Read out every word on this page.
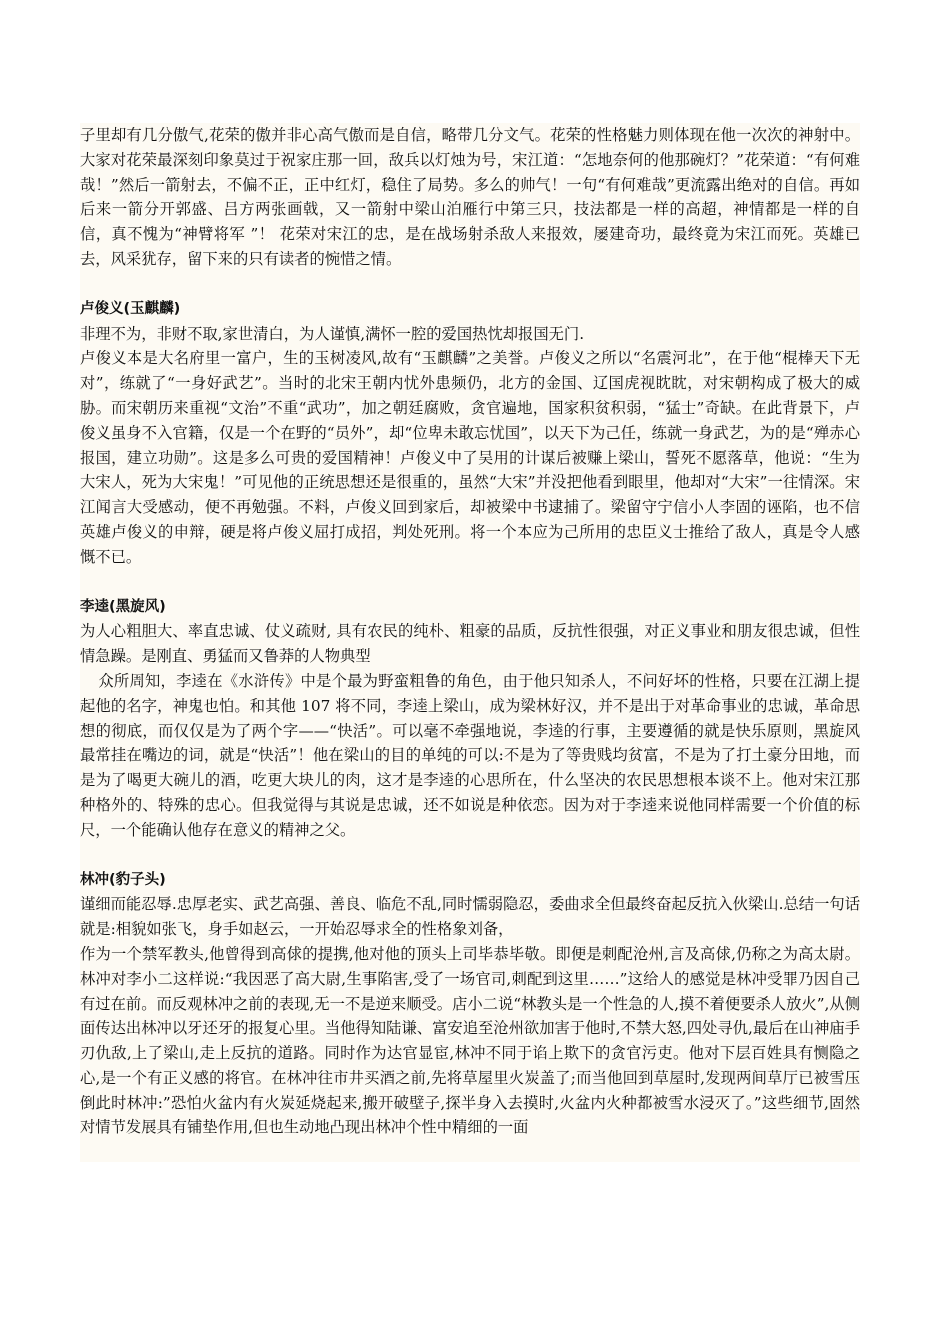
子里却有几分傲气,花荣的傲并非心高气傲而是自信，略带几分文气。花荣的性格魅力则体现在他一次次的神射中。大家对花荣最深刻印象莫过于祝家庄那一回，敌兵以灯烛为号，宋江道：“怎地奈何的他那碗灯？”花荣道：“有何难哉！”然后一箭射去，不偏不正，正中红灯，稳住了局势。多么的帅气！一句“有何难哉”更流露出绝对的自信。再如后来一箭分开郭盛、吕方两张画戟，又一箭射中梁山泊雁行中第三只，技法都是一样的高超，神情都是一样的自信，真不愧为“神臂将军 ”！ 花荣对宋江的忠，是在战场射杀敌人来报效，屡建奇功，最终竟为宋江而死。英雄已去，风采犹存，留下来的只有读者的惋惜之情。

卢俊义(玉麒麟)

非理不为，非财不取,家世清白，为人谨慎,满怀一腔的爱国热忱却报国无门.

卢俊义本是大名府里一富户，生的玉树凌风,故有“玉麒麟”之美誉。卢俊义之所以“名震河北”，在于他“棍棒天下无对”，练就了“一身好武艺”。当时的北宋王朝内忧外患频仍，北方的金国、辽国虎视眈眈，对宋朝构成了极大的威胁。而宋朝历来重视“文治”不重“武功”，加之朝廷腐败，贪官遍地，国家积贫积弱，“猛士”奇缺。在此背景下，卢俊义虽身不入官籍，仅是一个在野的“员外”，却“位卑未敢忘忧国”，以天下为己任，练就一身武艺，为的是“殚赤心报国，建立功勋”。这是多么可贵的爱国精神！卢俊义中了吴用的计谋后被赚上梁山，誓死不愿落草，他说：“生为大宋人，死为大宋鬼！”可见他的正统思想还是很重的，虽然“大宋”并没把他看到眼里，他却对“大宋”一往情深。宋江闻言大受感动，便不再勉强。不料，卢俊义回到家后，却被梁中书逮捕了。梁留守宁信小人李固的诬陷，也不信英雄卢俊义的申辩，硬是将卢俊义屈打成招，判处死刑。将一个本应为己所用的忠臣义士推给了敌人，真是令人感慨不已。

李逵(黑旋风)

为人心粗胆大、率直忠诚、仗义疏财, 具有农民的纯朴、粗豪的品质，反抗性很强，对正义事业和朋友很忠诚，但性情急躁。是刚直、勇猛而又鲁莽的人物典型

众所周知，李逵在《水浒传》中是个最为野蛮粗鲁的角色，由于他只知杀人，不问好坏的性格，只要在江湖上提起他的名字，神鬼也怕。和其他 107 将不同，李逵上梁山，成为梁林好汉，并不是出于对革命事业的忠诚，革命思想的彻底，而仅仅是为了两个字——“快活”。可以毫不牵强地说，李逵的行事，主要遵循的就是快乐原则，黑旋风最常挂在嘴边的词，就是“快活”！他在梁山的目的单纯的可以:不是为了等贵贱均贫富，不是为了打土豪分田地，而是为了喝更大碗儿的酒，吃更大块儿的肉，这才是李逵的心思所在，什么坚决的农民思想根本谈不上。他对宋江那种格外的、特殊的忠心。但我觉得与其说是忠诚，还不如说是种依恋。因为对于李逵来说他同样需要一个价值的标尺，一个能确认他存在意义的精神之父。

林冲(豹子头)

谨细而能忍辱.忠厚老实、武艺高强、善良、临危不乱,同时懦弱隐忍，委曲求全但最终奋起反抗入伙梁山.总结一句话就是:相貌如张飞，身手如赵云，一开始忍辱求全的性格象刘备，

作为一个禁军教头,他曾得到高俅的提携,他对他的顶头上司毕恭毕敬。即便是刺配沧州,言及高俅,仍称之为高太尉。林冲对李小二这样说:“我因恶了高大尉,生事陷害,受了一场官司,刺配到这里……”这给人的感觉是林冲受罪乃因自己有过在前。而反观林冲之前的表现,无一不是逆来顺受。店小二说“林教头是一个性急的人,摸不着便要杀人放火”,从侧面传达出林冲以牙还牙的报复心里。当他得知陆谦、富安追至沧州欲加害于他时,不禁大怒,四处寻仇,最后在山神庙手刃仇敌,上了梁山,走上反抗的道路。同时作为达官显宦,林冲不同于谄上欺下的贪官污吏。他对下层百姓具有恻隐之心,是一个有正义感的将官。在林冲往市井买酒之前,先将草屋里火炭盖了;而当他回到草屋时,发现两间草厅已被雪压倒此时林冲:”恐怕火盆内有火炭延烧起来,搬开破壁子,探半身入去摸时,火盆内火种都被雪水浸灭了。”这些细节,固然对情节发展具有铺垫作用,但也生动地凸现出林冲个性中精细的一面
